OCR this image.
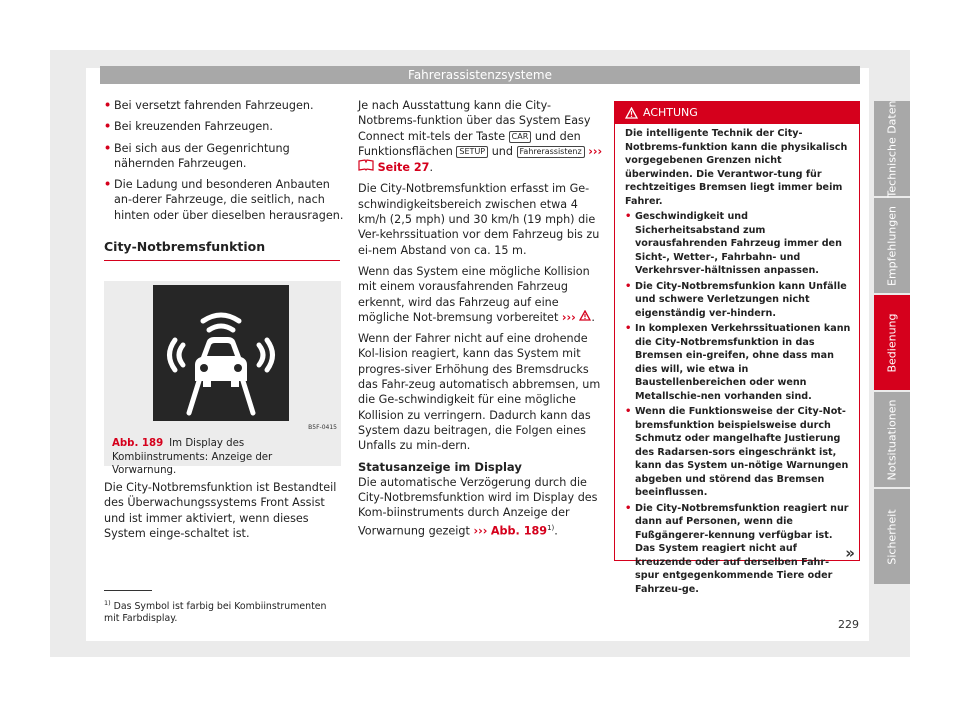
Fahrerassistenzsysteme

• Bei versetzt fahrenden Fahrzeugen.

• Bei kreuzenden Fahrzeugen.

• Bei sich aus der Gegenrichtung nähernden Fahrzeugen.

• Die Ladung und besonderen Anbauten an-derer Fahrzeuge, die seitlich, nach hinten oder über dieselben herausragen.

City-Notbremsfunktion
B5F-0415
Abb. 189 Im Display des Kombiinstruments: Anzeige der Vorwarnung.

Die City-Notbremsfunktion ist Bestandteil des Überwachungssystems Front Assist und ist immer aktiviert, wenn dieses System einge-schaltet ist.

Je nach Ausstattung kann die City-Notbrems-funktion über das System Easy Connect mit-tels der Taste CAR und den Funktionsflächen SETUP und Fahrerassistenz ›››  Seite 27.

Die City-Notbremsfunktion erfasst im Ge-schwindigkeitsbereich zwischen etwa 4 km/h (2,5 mph) und 30 km/h (19 mph) die Ver-kehrssituation vor dem Fahrzeug bis zu ei-nem Abstand von ca. 15 m.

Wenn das System eine mögliche Kollision mit einem vorausfahrenden Fahrzeug erkennt, wird das Fahrzeug auf eine mögliche Not-bremsung vorbereitet ››› .

Wenn der Fahrer nicht auf eine drohende Kol-lision reagiert, kann das System mit progres-siver Erhöhung des Bremsdrucks das Fahr-zeug automatisch abbremsen, um die Ge-schwindigkeit für eine mögliche Kollision zu verringern. Dadurch kann das System dazu beitragen, die Folgen eines Unfalls zu min-dern.

Statusanzeige im Display

Die automatische Verzögerung durch die City-Notbremsfunktion wird im Display des Kom-biinstruments durch Anzeige der Vorwarnung gezeigt ››› Abb. 189$^{1)}$.

ACHTUNG

Die intelligente Technik der City-Notbrems-funktion kann die physikalisch vorgegebenen Grenzen nicht überwinden. Die Verantwor-tung für rechtzeitiges Bremsen liegt immer beim Fahrer.

• Geschwindigkeit und Sicherheitsabstand zum vorausfahrenden Fahrzeug immer den Sicht-, Wetter-, Fahrbahn- und Verkehrsver-hältnissen anpassen.

• Die City-Notbremsfunkion kann Unfälle und schwere Verletzungen nicht eigenständig ver-hindern.

• In komplexen Verkehrssituationen kann die City-Notbremsfunktion in das Bremsen ein-greifen, ohne dass man dies will, wie etwa in Baustellenbereichen oder wenn Metallschie-nen vorhanden sind.

• Wenn die Funktionsweise der City-Not-bremsfunktion beispielsweise durch Schmutz oder mangelhafte Justierung des Radarsen-sors eingeschränkt ist, kann das System un-nötige Warnungen abgeben und störend das Bremsen beeinflussen.

• Die City-Notbremsfunktion reagiert nur dann auf Personen, wenn die Fußgängerer-kennung verfügbar ist. Das System reagiert nicht auf kreuzende oder auf derselben Fahr-spur entgegenkommende Tiere oder Fahrzeu-ge.

»
$^{1)}$ Das Symbol ist farbig bei Kombiinstrumenten mit Farbdisplay.	229
Technische Daten
Empfehlungen
Bedienung
Notsituationen
Sicherheit
